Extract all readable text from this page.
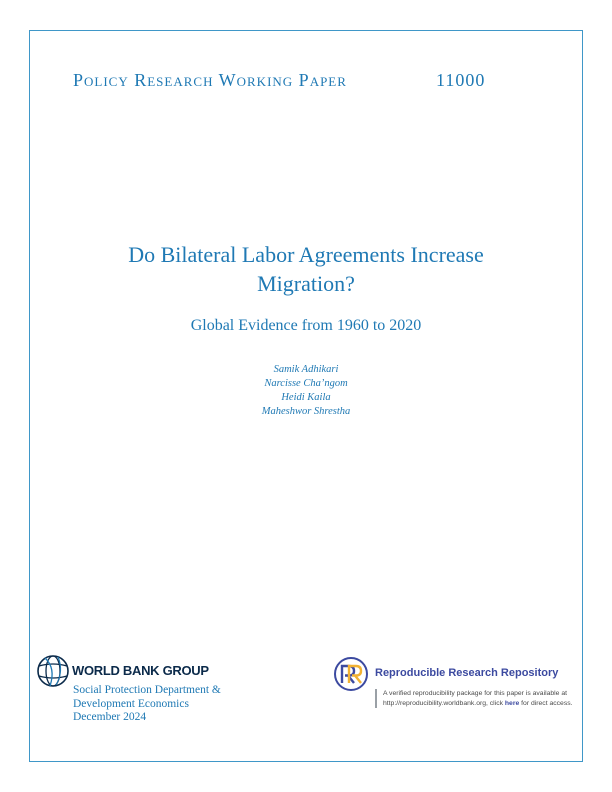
Policy Research Working Paper	11000
Do Bilateral Labor Agreements Increase
Migration?
Global Evidence from 1960 to 2020
Samik Adhikari
Narcisse Cha’ngom
Heidi Kaila
Maheshwor Shrestha
WORLD BANK GROUP
Social Protection Department &
Development Economics
December 2024
Reproducible Research Repository
A verified reproducibility package for this paper is available at http://reproducibility.worldbank.org, click here for direct access.
